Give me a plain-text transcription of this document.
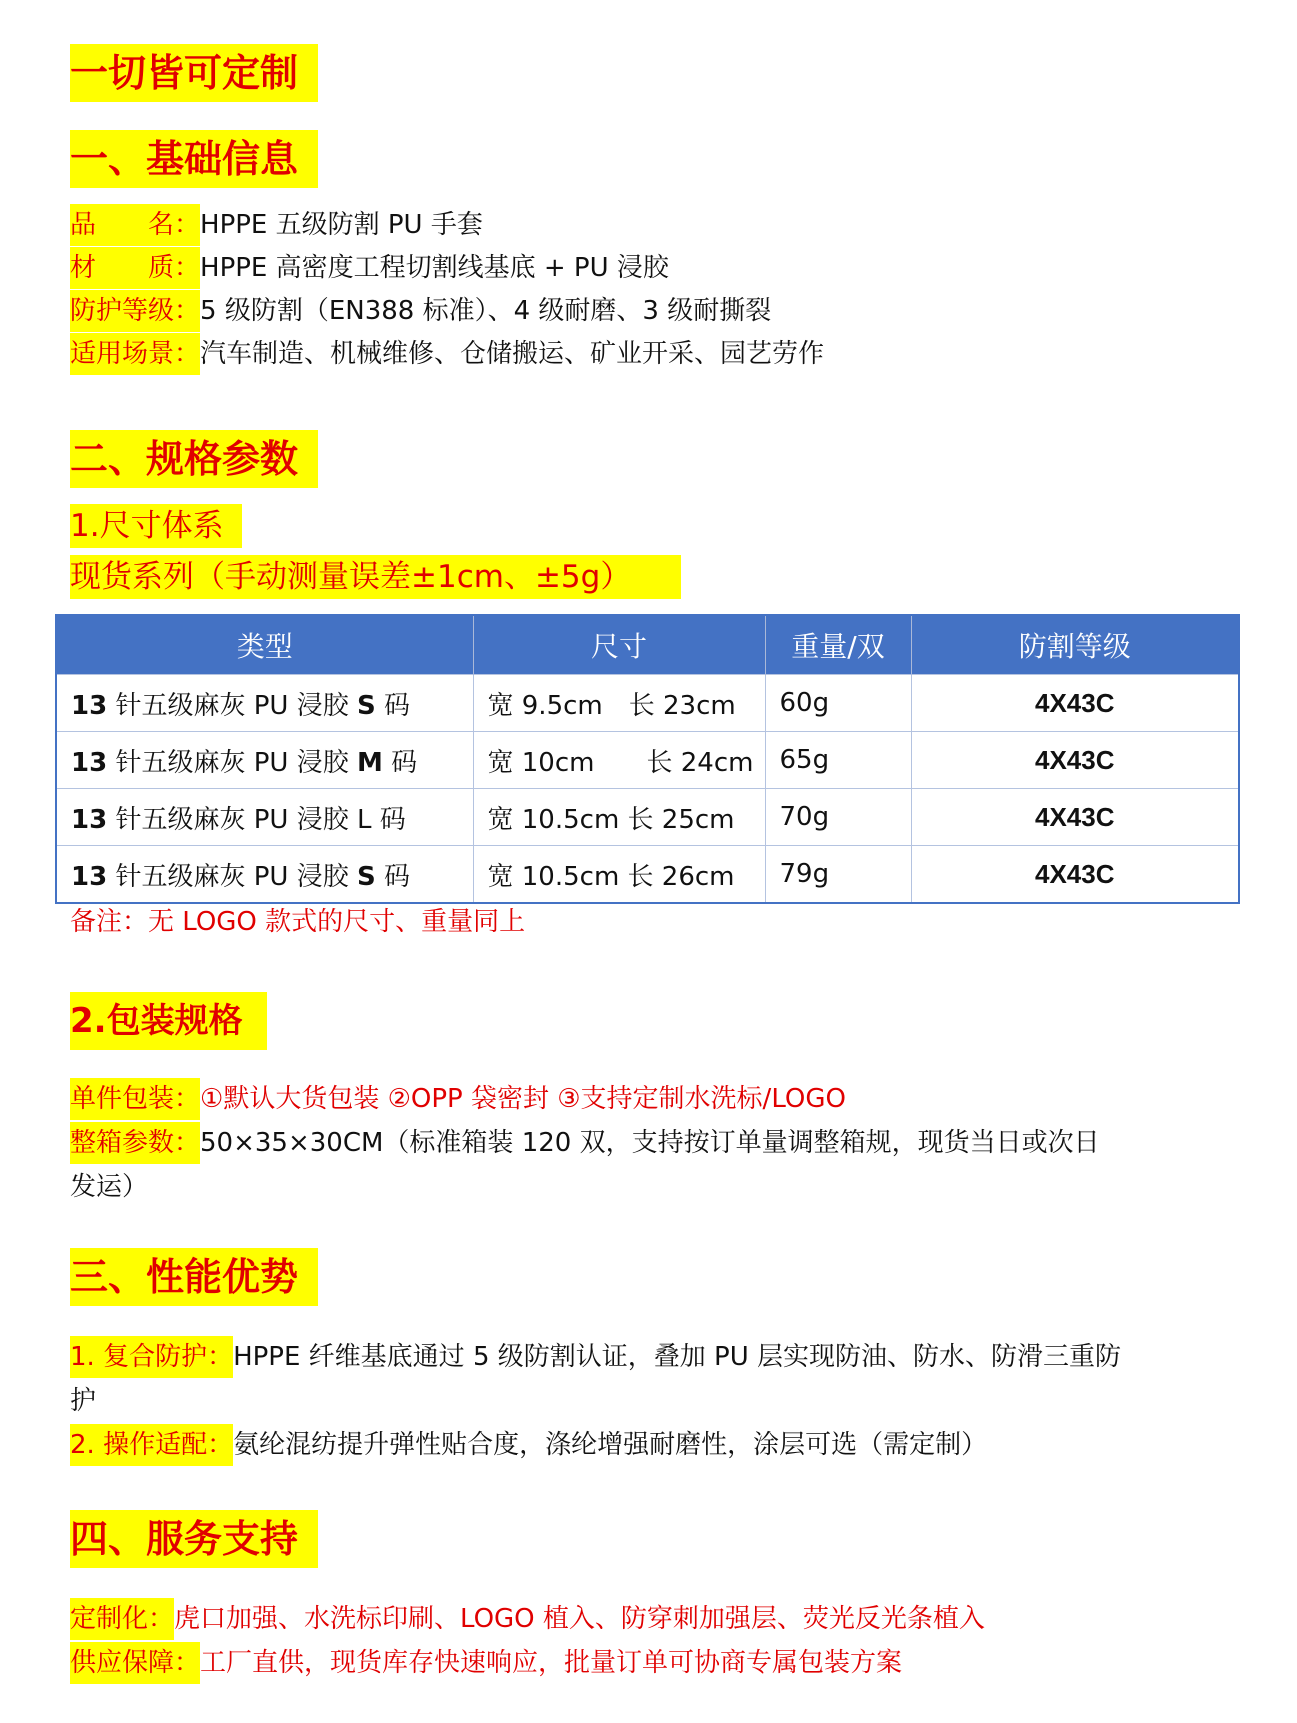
一切皆可定制
一、基础信息
品　　名：HPPE 五级防割 PU 手套
材　　质：HPPE 高密度工程切割线基底 + PU 浸胶
防护等级：5 级防割（EN388 标准）、4 级耐磨、3 级耐撕裂
适用场景：汽车制造、机械维修、仓储搬运、矿业开采、园艺劳作
二、规格参数
1.尺寸体系
现货系列（手动测量误差±1cm、±5g）
类型	尺寸	重量/双	防割等级
13 针五级麻灰 PU 浸胶 S 码	宽 9.5cm　长 23cm	60g	4X43C
13 针五级麻灰 PU 浸胶 M 码	宽 10cm　　长 24cm	65g	4X43C
13 针五级麻灰 PU 浸胶 L 码	宽 10.5cm 长 25cm	70g	4X43C
13 针五级麻灰 PU 浸胶 S 码	宽 10.5cm 长 26cm	79g	4X43C
备注：无 LOGO 款式的尺寸、重量同上
2.包装规格
单件包装：①默认大货包装 ②OPP 袋密封 ③支持定制水洗标/LOGO
整箱参数：50×35×30CM（标准箱装 120 双，支持按订单量调整箱规，现货当日或次日
发运）
三、性能优势
1. 复合防护：HPPE 纤维基底通过 5 级防割认证，叠加 PU 层实现防油、防水、防滑三重防
护
2. 操作适配：氨纶混纺提升弹性贴合度，涤纶增强耐磨性，涂层可选（需定制）
四、服务支持
定制化：虎口加强、水洗标印刷、LOGO 植入、防穿刺加强层、荧光反光条植入
供应保障：工厂直供，现货库存快速响应，批量订单可协商专属包装方案
